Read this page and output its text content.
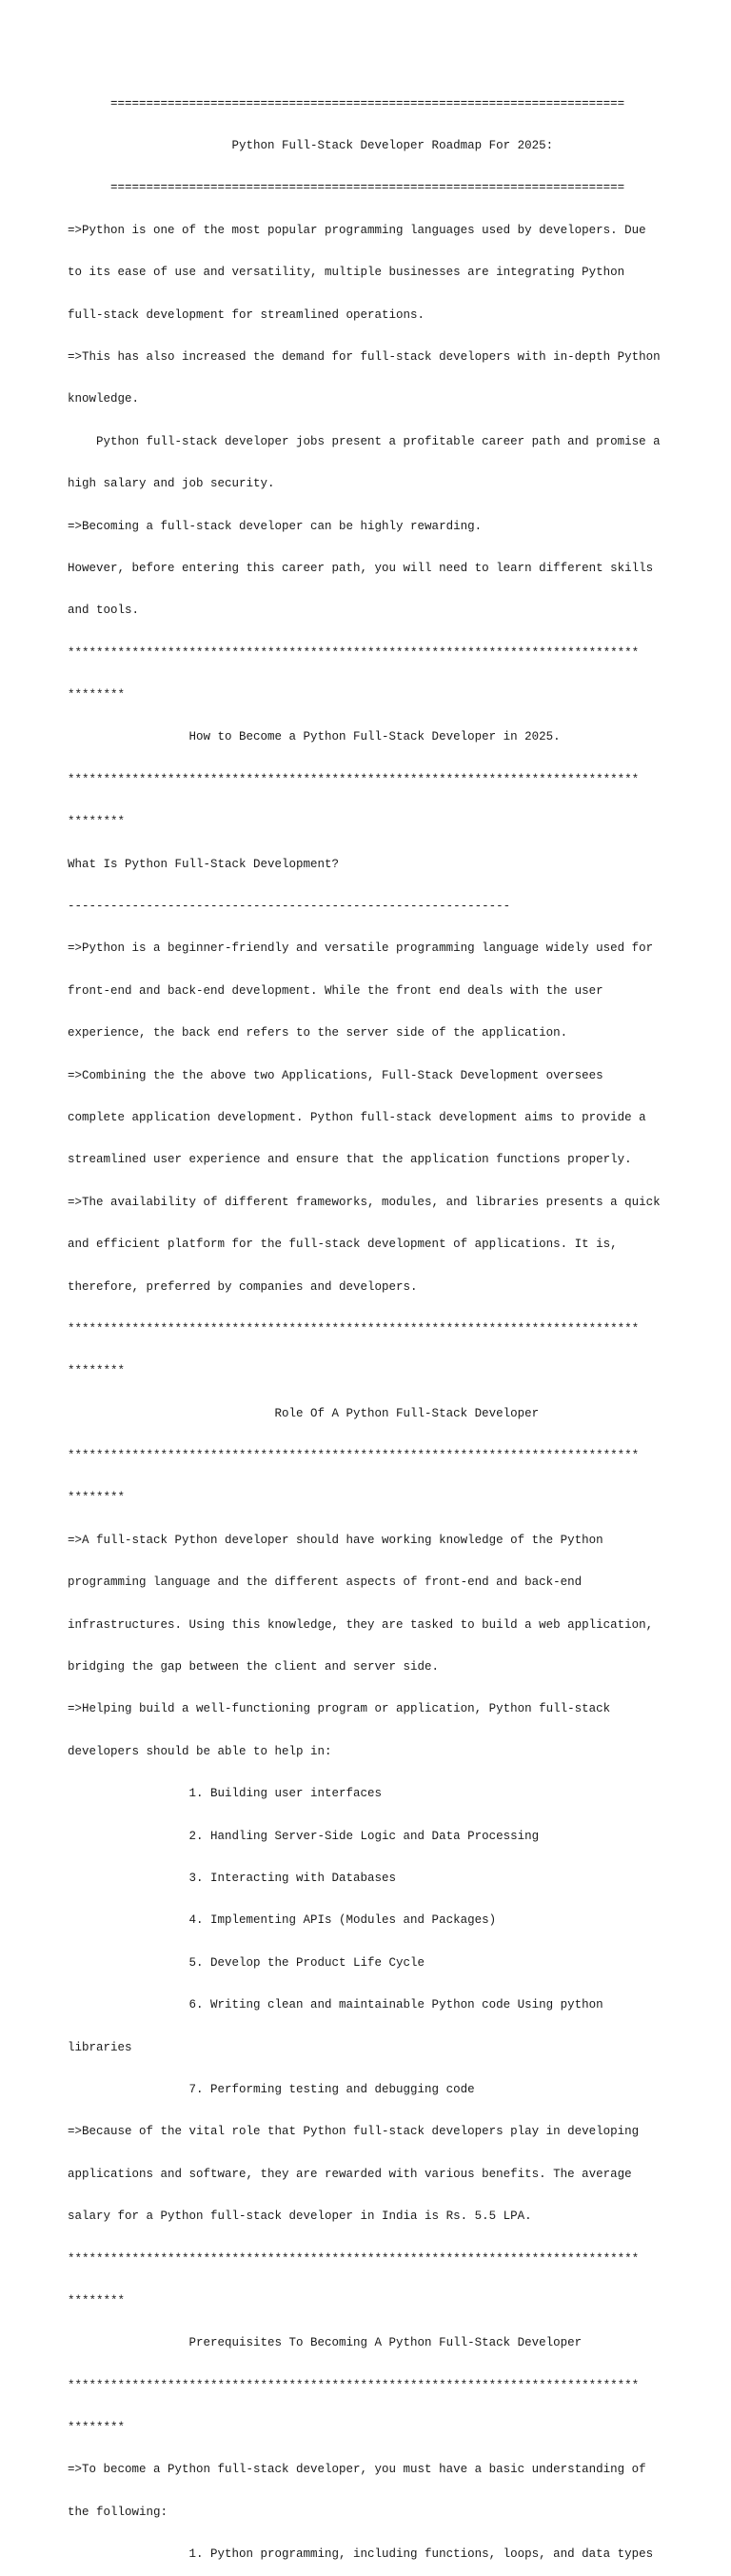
========================================================================

Python Full-Stack Developer Roadmap For 2025:

========================================================================

=>Python is one of the most popular programming languages used by developers. Due

to its ease of use and versatility, multiple businesses are integrating Python

full-stack development for streamlined operations.

=>This has also increased the demand for full-stack developers with in-depth Python

knowledge.

Python full-stack developer jobs present a profitable career path and promise a

high salary and job security.

=>Becoming a full-stack developer can be highly rewarding.

However, before entering this career path, you will need to learn different skills

and tools.

********************************************************************************

********

How to Become a Python Full-Stack Developer in 2025.

********************************************************************************

********

What Is Python Full-Stack Development?

--------------------------------------------------------------

=>Python is a beginner-friendly and versatile programming language widely used for

front-end and back-end development. While the front end deals with the user

experience, the back end refers to the server side of the application.

=>Combining the the above two Applications, Full-Stack Development oversees

complete application development. Python full-stack development aims to provide a

streamlined user experience and ensure that the application functions properly.

=>The availability of different frameworks, modules, and libraries presents a quick

and efficient platform for the full-stack development of applications. It is,

therefore, preferred by companies and developers.

********************************************************************************

********

Role Of A Python Full-Stack Developer

********************************************************************************

********

=>A full-stack Python developer should have working knowledge of the Python

programming language and the different aspects of front-end and back-end

infrastructures. Using this knowledge, they are tasked to build a web application,

bridging the gap between the client and server side.

=>Helping build a well-functioning program or application, Python full-stack

developers should be able to help in:

1. Building user interfaces

2. Handling Server-Side Logic and Data Processing

3. Interacting with Databases

4. Implementing APIs (Modules and Packages)

5. Develop the Product Life Cycle

6. Writing clean and maintainable Python code Using python

libraries

7. Performing testing and debugging code

=>Because of the vital role that Python full-stack developers play in developing

applications and software, they are rewarded with various benefits. The average

salary for a Python full-stack developer in India is Rs. 5.5 LPA.

********************************************************************************

********

Prerequisites To Becoming A Python Full-Stack Developer

********************************************************************************

********

=>To become a Python full-stack developer, you must have a basic understanding of

the following:

1. Python programming, including functions, loops, and data types
